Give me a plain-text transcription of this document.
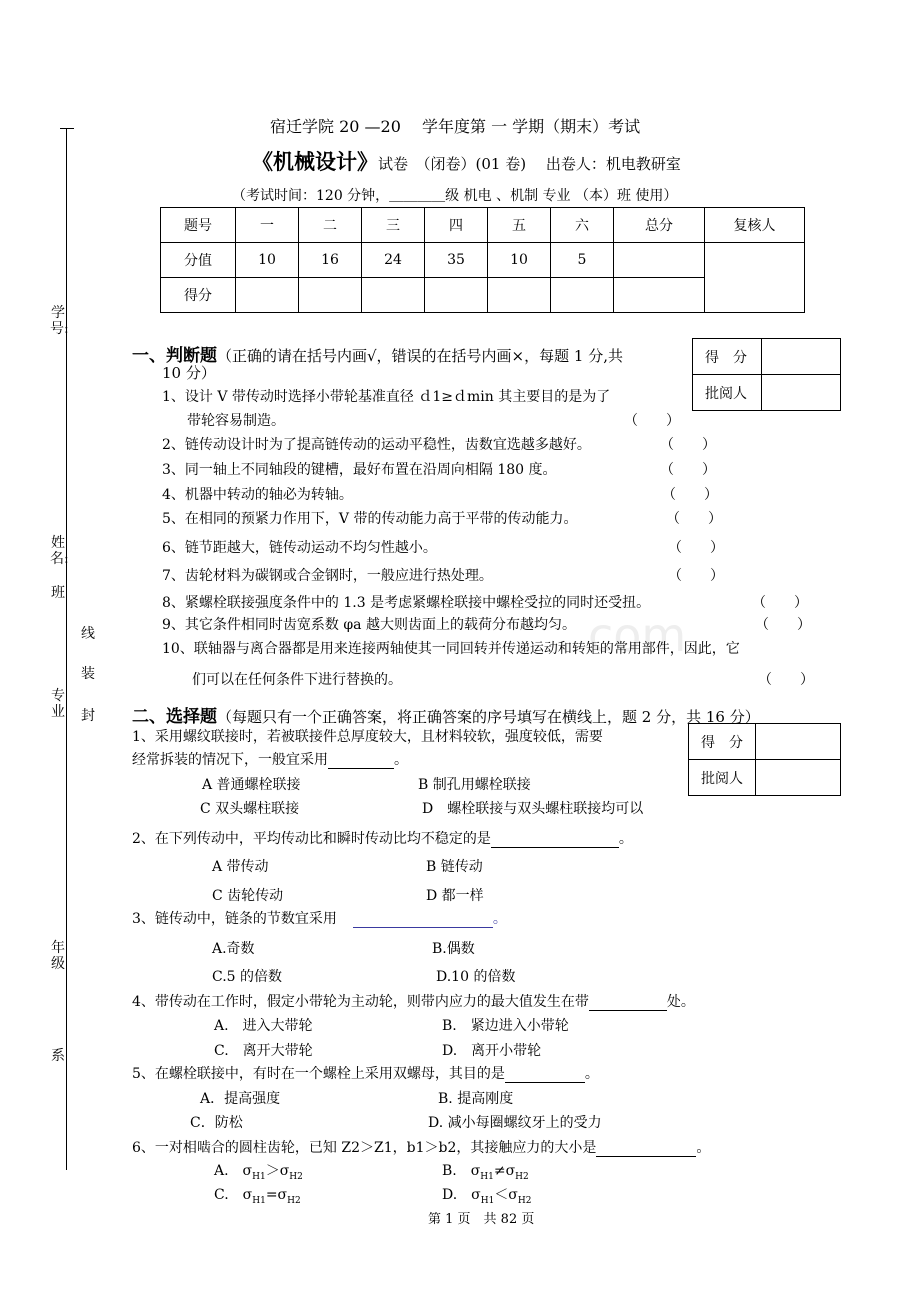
com
学号:
姓名:
班
线
装
专业 封
年级
系
宿迁学院 20 —20　 学年度第 一 学期（期末）考试
《机械设计》试卷　（闭卷）(01 卷)　 出卷人：机电教研室
（考试时间：120 分钟，＿＿＿＿级 机电 、机制 专业 （本）班 使用）
题号	一	二	三	四	五	六	总分	复核人
分值	10	16	24	35	10	5		
得分								
得　分	
批阅人	
一、判断题（正确的请在括号内画√，错误的在括号内画×，每题 1 分,共
10 分）
1、设计 V 带传动时选择小带轮基准直径 ｄ1≥ｄmin 其主要目的是为了
带轮容易制造。	（　　）
2、链传动设计时为了提高链传动的运动平稳性，齿数宜选越多越好。	（　　）
3、同一轴上不同轴段的键槽，最好布置在沿周向相隔 180 度。	（　　）
4、机器中转动的轴必为转轴。	（　　）
5、在相同的预紧力作用下，V 带的传动能力高于平带的传动能力。	（　　）
6、链节距越大，链传动运动不均匀性越小。	（　　）
7、齿轮材料为碳钢或合金钢时，一般应进行热处理。	（　　）
8、紧螺栓联接强度条件中的 1.3 是考虑紧螺栓联接中螺栓受拉的同时还受扭。	（　　）
9、其它条件相同时齿宽系数 φa 越大则齿面上的载荷分布越均匀。	（　　）
10、联轴器与离合器都是用来连接两轴使其一同回转并传递运动和转矩的常用部件，因此，它
们可以在任何条件下进行替换的。	（　　）
二、选择题（每题只有一个正确答案，将正确答案的序号填写在横线上，题 2 分，共 16 分）
得　分	
批阅人	
1、采用螺纹联接时，若被联接件总厚度较大，且材料较软，强度较低，需要
经常拆装的情况下，一般宜采用	。
A 普通螺栓联接	B 制孔用螺栓联接
C 双头螺柱联接	D　螺栓联接与双头螺柱联接均可以
2、在下列传动中，平均传动比和瞬时传动比均不稳定的是	。
A 带传动	B 链传动
C 齿轮传动	D 都一样
3、链传动中，链条的节数宜采用	。
A.奇数	B.偶数
C.5 的倍数	D.10 的倍数
4、带传动在工作时，假定小带轮为主动轮，则带内应力的最大值发生在带	处。
A.　进入大带轮	B.　紧边进入小带轮
C.　离开大带轮	D.　离开小带轮
5、在螺栓联接中，有时在一个螺栓上采用双螺母，其目的是	。
A．提高强度	B. 提高刚度
C．防松	D. 减小每圈螺纹牙上的受力
6、一对相啮合的圆柱齿轮，已知 Z2＞Z1，b1＞b2，其接触应力的大小是	。
A.　$\sigma_{H1}>\sigma_{H2}$	B.　$\sigma_{H1}\ne\sigma_{H2}$
C.　$\sigma_{H1}=\sigma_{H2}$	D.　$\sigma_{H1}<\sigma_{H2}$
第 1 页　共 82 页
